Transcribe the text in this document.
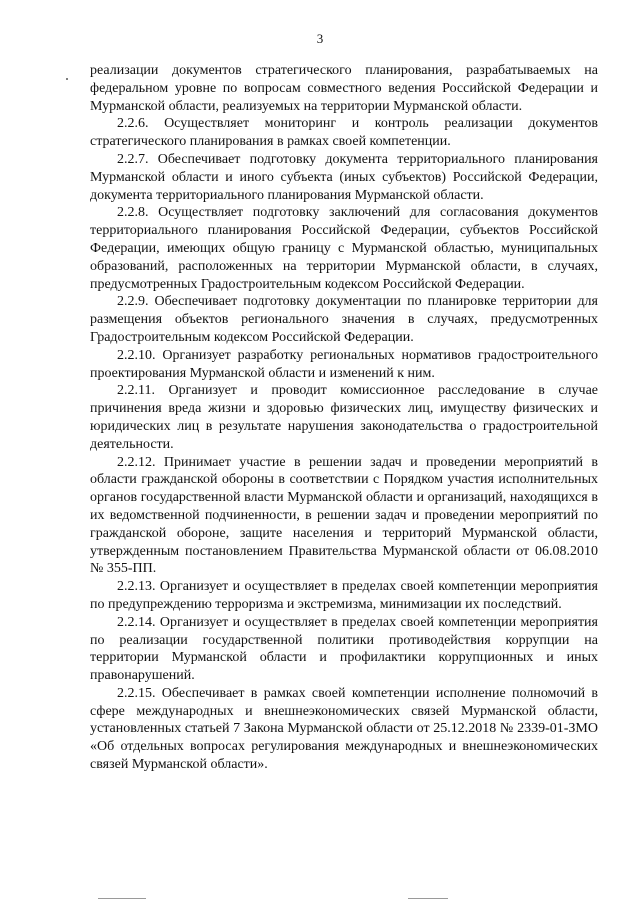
3

реализации документов стратегического планирования, разрабатываемых на федеральном уровне по вопросам совместного ведения Российской Федерации и Мурманской области, реализуемых на территории Мурманской области.

2.2.6. Осуществляет мониторинг и контроль реализации документов стратегического планирования в рамках своей компетенции.

2.2.7. Обеспечивает подготовку документа территориального планирования Мурманской области и иного субъекта (иных субъектов) Российской Федерации, документа территориального планирования Мурманской области.

2.2.8. Осуществляет подготовку заключений для согласования документов территориального планирования Российской Федерации, субъектов Российской Федерации, имеющих общую границу с Мурманской областью, муниципальных образований, расположенных на территории Мурманской области, в случаях, предусмотренных Градостроительным кодексом Российской Федерации.

2.2.9. Обеспечивает подготовку документации по планировке территории для размещения объектов регионального значения в случаях, предусмотренных Градостроительным кодексом Российской Федерации.

2.2.10. Организует разработку региональных нормативов градостроительного проектирования Мурманской области и изменений к ним.

2.2.11. Организует и проводит комиссионное расследование в случае причинения вреда жизни и здоровью физических лиц, имуществу физических и юридических лиц в результате нарушения законодательства о градостроительной деятельности.

2.2.12. Принимает участие в решении задач и проведении мероприятий в области гражданской обороны в соответствии с Порядком участия исполнительных органов государственной власти Мурманской области и организаций, находящихся в их ведомственной подчиненности, в решении задач и проведении мероприятий по гражданской обороне, защите населения и территорий Мурманской области, утвержденным постановлением Правительства Мурманской области от 06.08.2010 № 355-ПП.

2.2.13. Организует и осуществляет в пределах своей компетенции мероприятия по предупреждению терроризма и экстремизма, минимизации их последствий.

2.2.14. Организует и осуществляет в пределах своей компетенции мероприятия по реализации государственной политики противодействия коррупции на территории Мурманской области и профилактики коррупционных и иных правонарушений.

2.2.15. Обеспечивает в рамках своей компетенции исполнение полномочий в сфере международных и внешнеэкономических связей Мурманской области, установленных статьей 7 Закона Мурманской области от 25.12.2018 № 2339-01-ЗМО «Об отдельных вопросах регулирования международных и внешнеэкономических связей Мурманской области».
